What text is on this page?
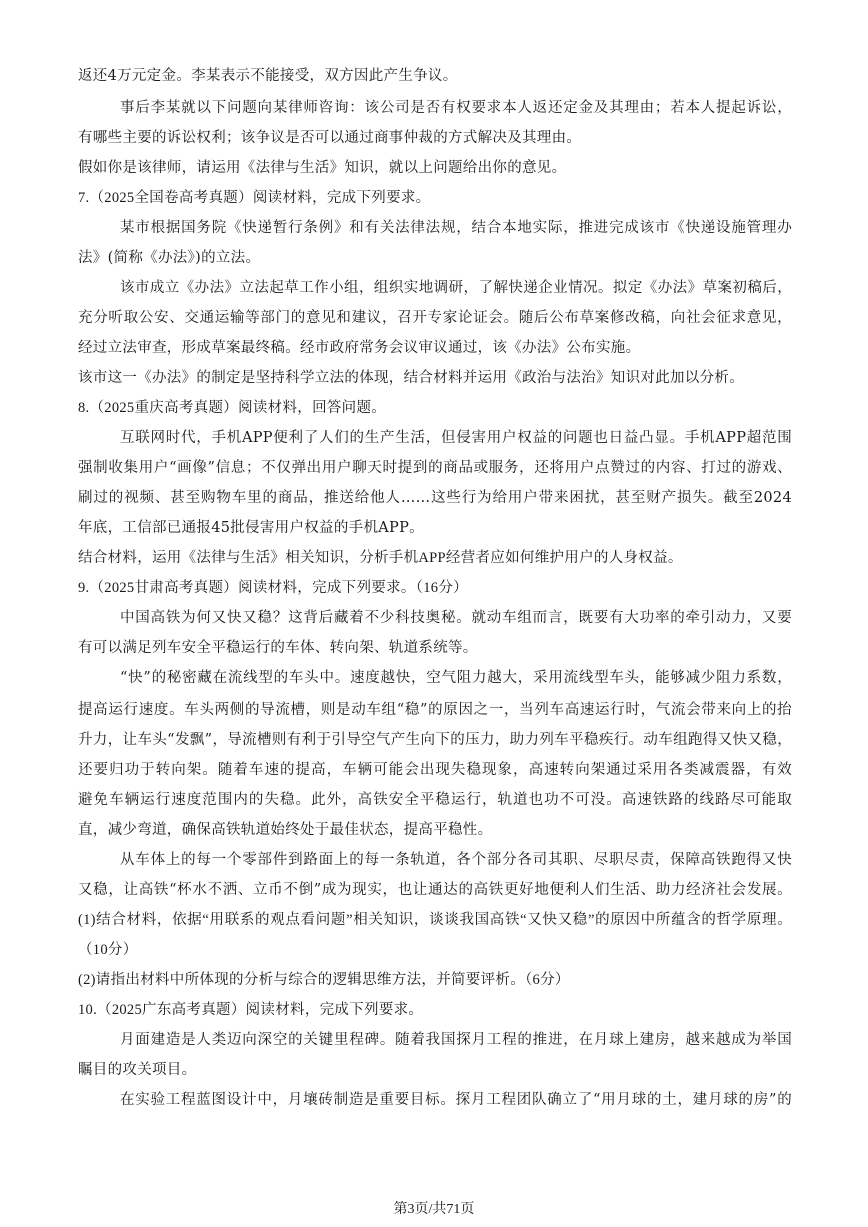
返还4万元定金。李某表示不能接受，双方因此产生争议。
事后李某就以下问题向某律师咨询：该公司是否有权要求本人返还定金及其理由；若本人提起诉讼，
有哪些主要的诉讼权利；该争议是否可以通过商事仲裁的方式解决及其理由。
假如你是该律师，请运用《法律与生活》知识，就以上问题给出你的意见。
7.（2025全国卷高考真题）阅读材料，完成下列要求。
某市根据国务院《快递暂行条例》和有关法律法规，结合本地实际，推进完成该市《快递设施管理办
法》(简称《办法》)的立法。
该市成立《办法》立法起草工作小组，组织实地调研，了解快递企业情况。拟定《办法》草案初稿后，
充分听取公安、交通运输等部门的意见和建议，召开专家论证会。随后公布草案修改稿，向社会征求意见，
经过立法审查，形成草案最终稿。经市政府常务会议审议通过，该《办法》公布实施。
该市这一《办法》的制定是坚持科学立法的体现，结合材料并运用《政治与法治》知识对此加以分析。
8.（2025重庆高考真题）阅读材料，回答问题。
互联网时代，手机APP便利了人们的生产生活，但侵害用户权益的问题也日益凸显。手机APP超范围
强制收集用户“画像”信息；不仅弹出用户聊天时提到的商品或服务，还将用户点赞过的内容、打过的游戏、
刷过的视频、甚至购物车里的商品，推送给他人……这些行为给用户带来困扰，甚至财产损失。截至2024
年底，工信部已通报45批侵害用户权益的手机APP。
结合材料，运用《法律与生活》相关知识，分析手机APP经营者应如何维护用户的人身权益。
9.（2025甘肃高考真题）阅读材料，完成下列要求。（16分）
中国高铁为何又快又稳？这背后藏着不少科技奥秘。就动车组而言，既要有大功率的牵引动力，又要
有可以满足列车安全平稳运行的车体、转向架、轨道系统等。
“快”的秘密藏在流线型的车头中。速度越快，空气阻力越大，采用流线型车头，能够减少阻力系数，
提高运行速度。车头两侧的导流槽，则是动车组“稳”的原因之一，当列车高速运行时，气流会带来向上的抬
升力，让车头“发飘”，导流槽则有利于引导空气产生向下的压力，助力列车平稳疾行。动车组跑得又快又稳，
还要归功于转向架。随着车速的提高，车辆可能会出现失稳现象，高速转向架通过采用各类减震器，有效
避免车辆运行速度范围内的失稳。此外，高铁安全平稳运行，轨道也功不可没。高速铁路的线路尽可能取
直，减少弯道，确保高铁轨道始终处于最佳状态，提高平稳性。
从车体上的每一个零部件到路面上的每一条轨道，各个部分各司其职、尽职尽责，保障高铁跑得又快
又稳，让高铁“杯水不洒、立币不倒”成为现实，也让通达的高铁更好地便利人们生活、助力经济社会发展。
(1)结合材料，依据“用联系的观点看问题”相关知识，谈谈我国高铁“又快又稳”的原因中所蕴含的哲学原理。
（10分）
(2)请指出材料中所体现的分析与综合的逻辑思维方法，并简要评析。（6分）
10.（2025广东高考真题）阅读材料，完成下列要求。
月面建造是人类迈向深空的关键里程碑。随着我国探月工程的推进，在月球上建房，越来越成为举国
瞩目的攻关项目。
在实验工程蓝图设计中，月壤砖制造是重要目标。探月工程团队确立了“用月球的土，建月球的房”的
第3页/共71页
